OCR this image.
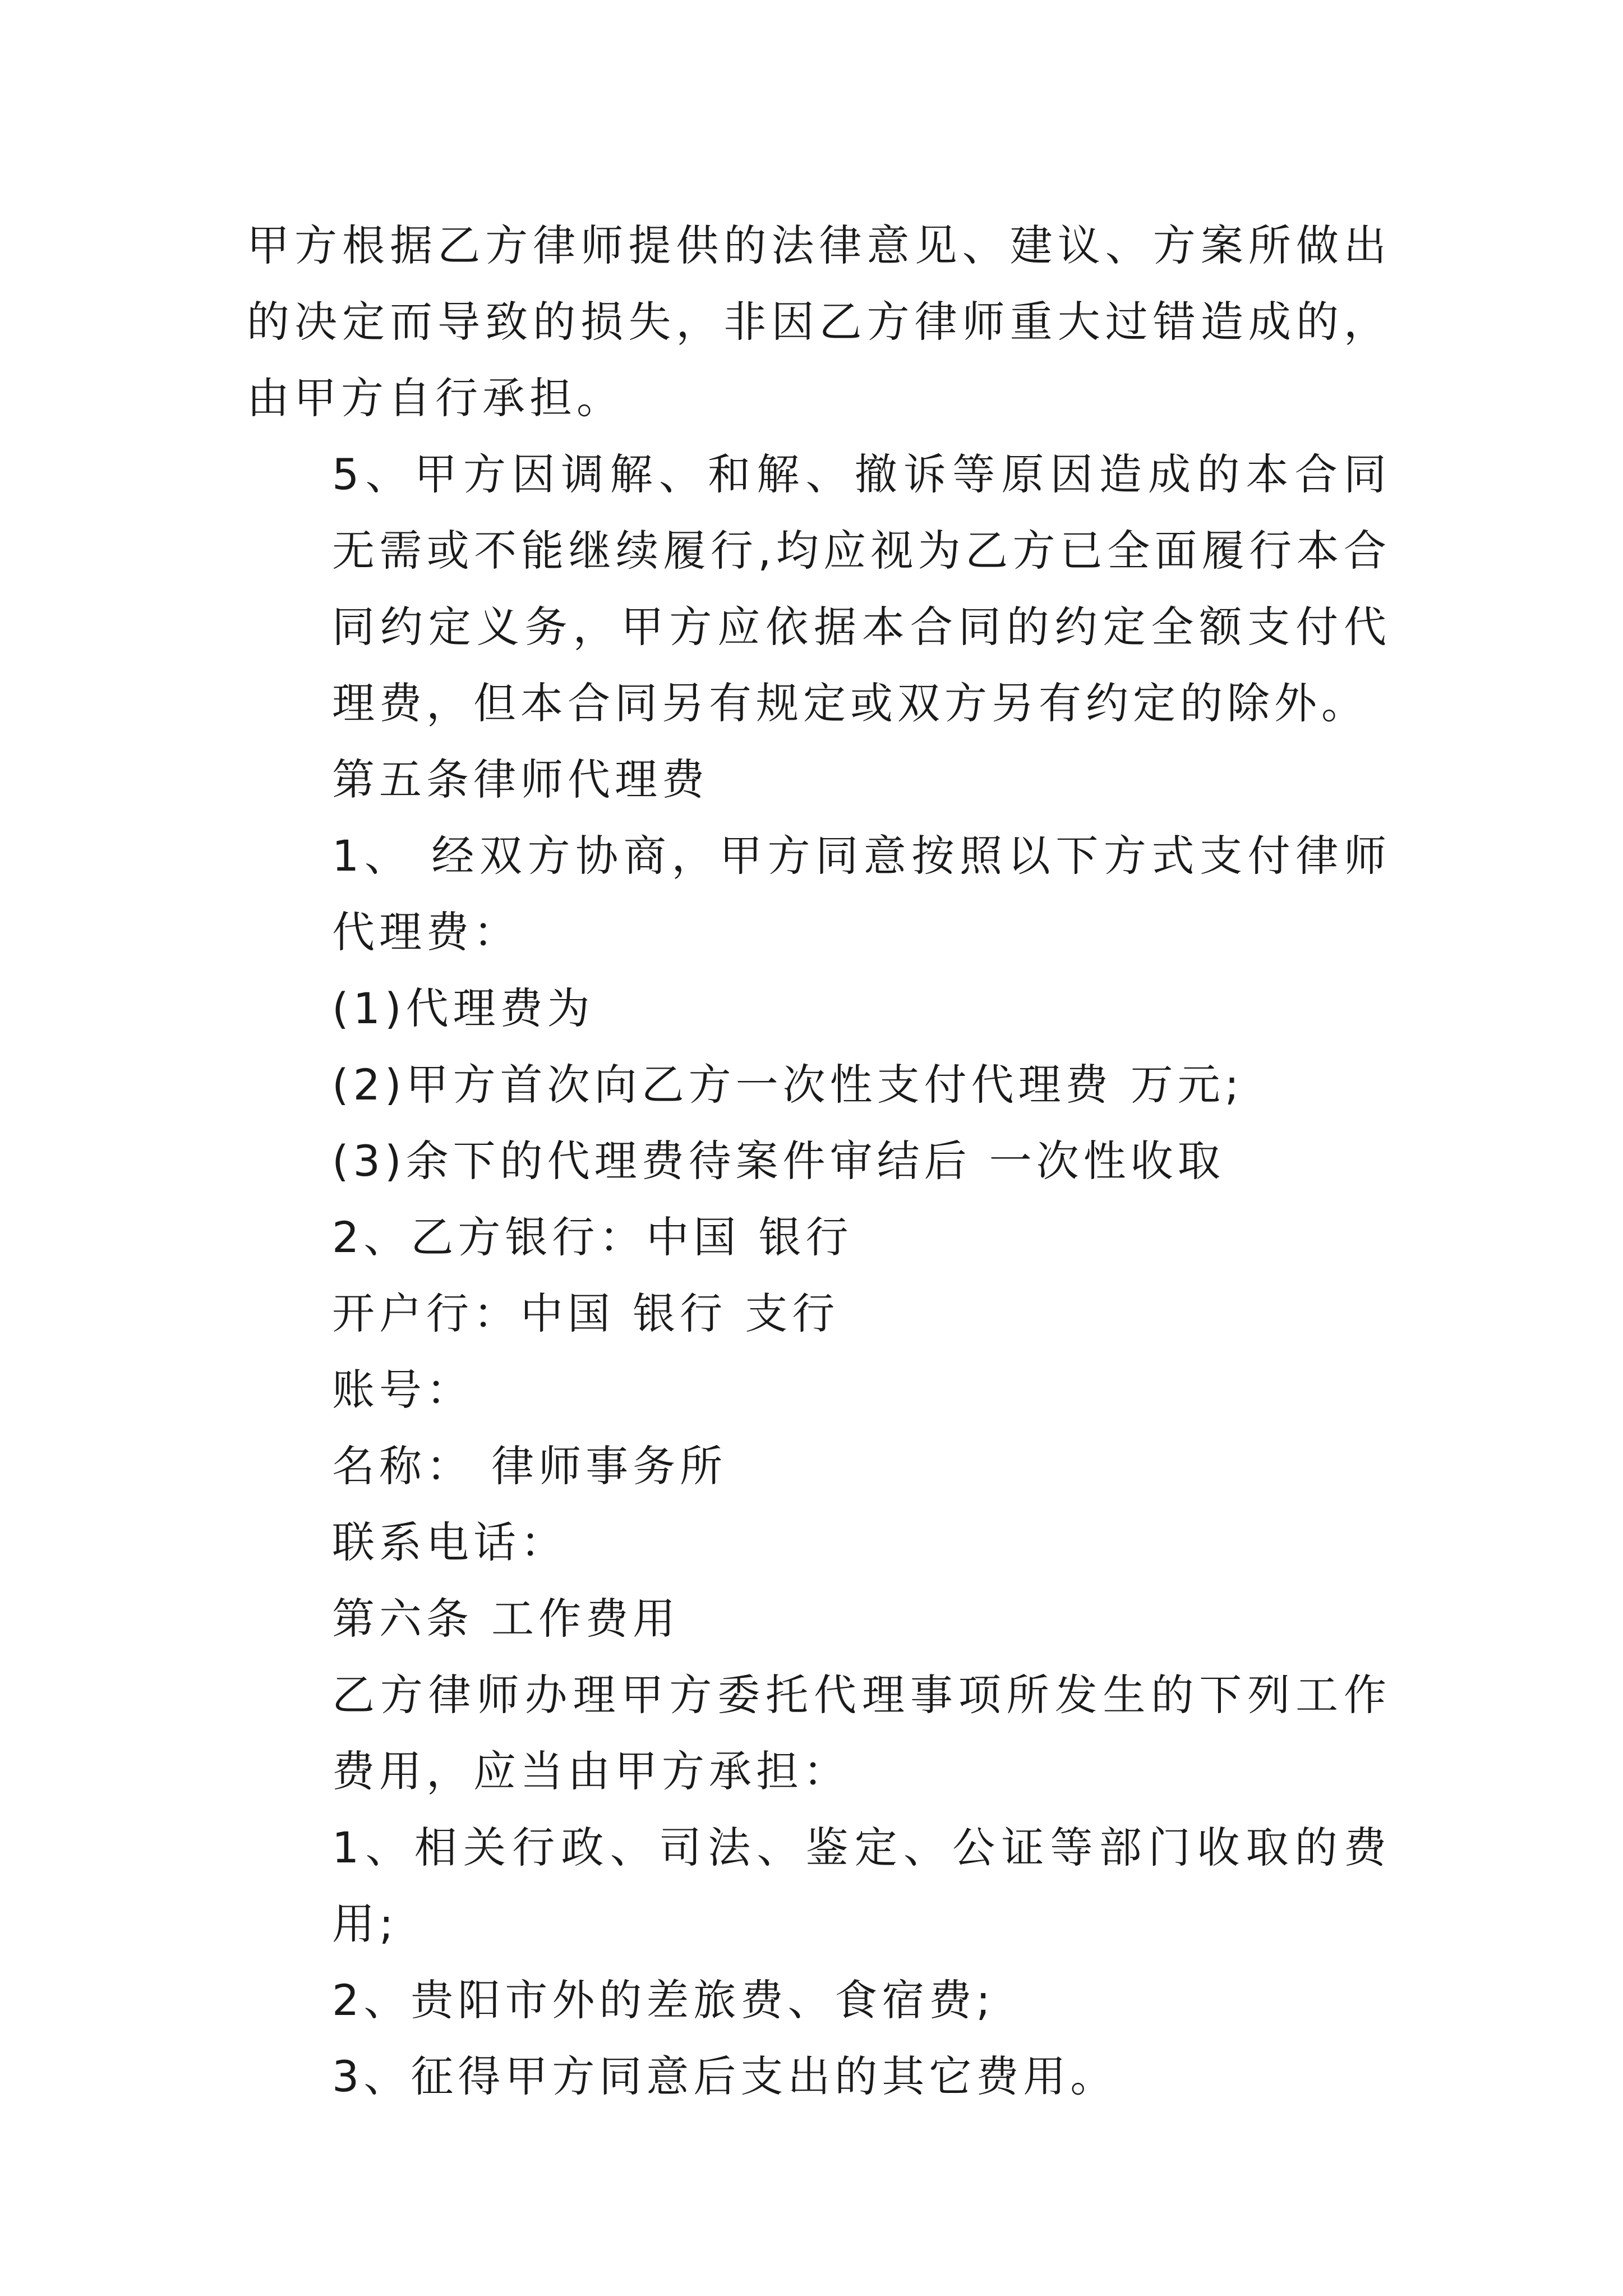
甲方根据乙方律师提供的法律意见、建议、方案所做出的决定而导致的损失，非因乙方律师重大过错造成的，由甲方自行承担。

5、甲方因调解、和解、撤诉等原因造成的本合同无需或不能继续履行,均应视为乙方已全面履行本合同约定义务，甲方应依据本合同的约定全额支付代理费，但本合同另有规定或双方另有约定的除外。

第五条律师代理费

1、 经双方协商，甲方同意按照以下方式支付律师代理费：

(1)代理费为

(2)甲方首次向乙方一次性支付代理费 万元;

(3)余下的代理费待案件审结后 一次性收取

2、乙方银行：中国 银行

开户行：中国 银行 支行

账号：

名称： 律师事务所

联系电话：

第六条 工作费用

乙方律师办理甲方委托代理事项所发生的下列工作费用，应当由甲方承担：

1、相关行政、司法、鉴定、公证等部门收取的费用;

2、贵阳市外的差旅费、食宿费;

3、征得甲方同意后支出的其它费用。
